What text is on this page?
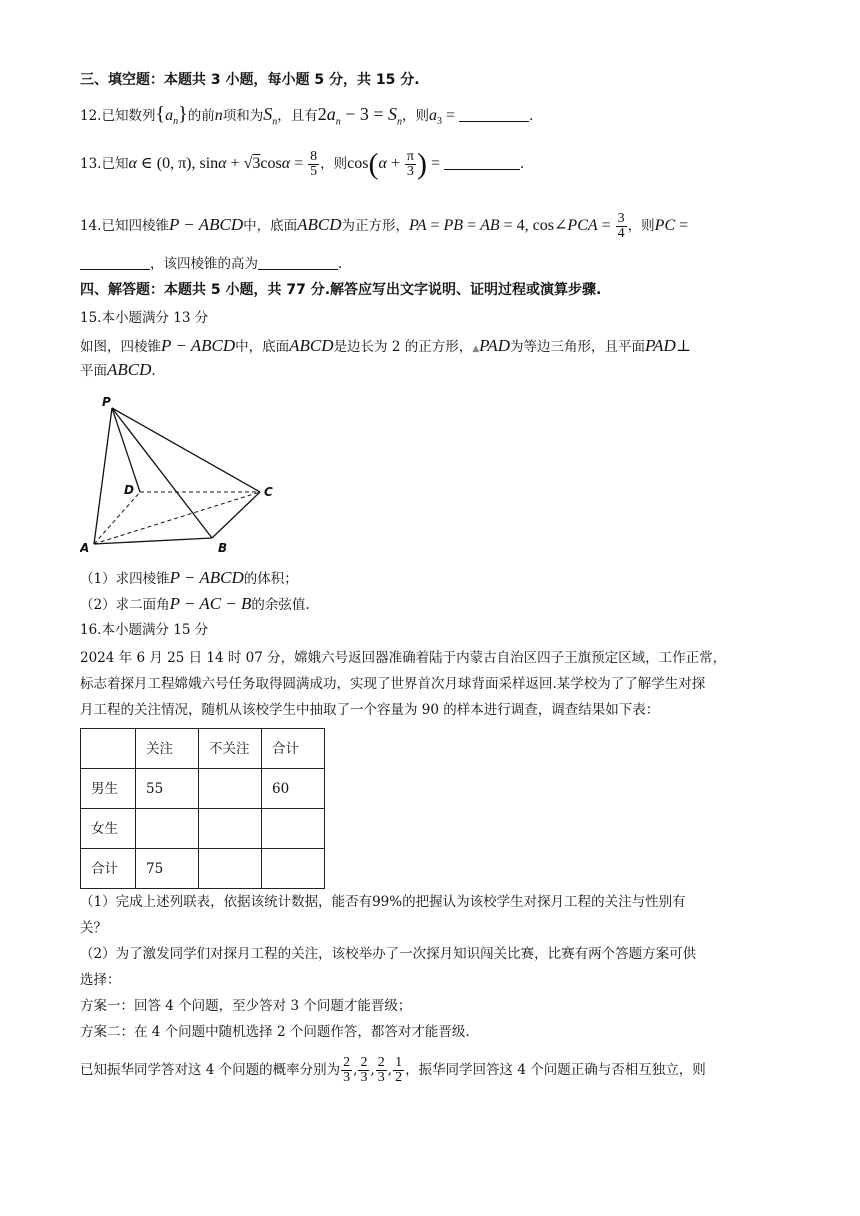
三、填空题：本题共 3 小题，每小题 5 分，共 15 分.
12.已知数列$\{a_n\}$的前n项和为$S_n$，且有$2a_n - 3 = S_n$，则$a_3$ =	.
13.已知α ∈ (0, π), $\sin\alpha + √3\cos\alpha = \frac{8}{5}$ ，则$\cos(\alpha + \frac{\pi}{3}$ ) =	.
14.已知四棱锥P − ABCD中，底面ABCD为正方形，PA = PB = AB = 4, cos∠PCA = $\frac{3}{4}$ ，则PC =
，该四棱锥的高为	.
四、解答题：本题共 5 小题，共 77 分.解答应写出文字说明、证明过程或演算步骤.
15.本小题满分 13 分
如图，四棱锥P − ABCD中，底面ABCD是边长为 2 的正方形，▲PAD为等边三角形，且平面PAD⊥
平面ABCD.
P
D	C
A	B
（1）求四棱锥P − ABCD的体积；
（2）求二面角P − AC − B的余弦值.
16.本小题满分 15 分
2024 年 6 月 25 日 14 时 07 分，嫦娥六号返回器准确着陆于内蒙古自治区四子王旗预定区域，工作正常，
标志着探月工程嫦娥六号任务取得圆满成功，实现了世界首次月球背面采样返回.某学校为了了解学生对探
月工程的关注情况，随机从该校学生中抽取了一个容量为 90 的样本进行调查，调查结果如下表：
	关注	不关注	合计
男生	55		60
女生			
合计	75		
（1）完成上述列联表，依据该统计数据，能否有99%的把握认为该校学生对探月工程的关注与性别有
关？
（2）为了激发同学们对探月工程的关注，该校举办了一次探月知识闯关比赛，比赛有两个答题方案可供
选择：
方案一：回答 4 个问题，至少答对 3 个问题才能晋级；
方案二：在 4 个问题中随机选择 2 个问题作答，都答对才能晋级.
已知振华同学答对这 4 个问题的概率分别为 $\frac{2}{3}$ , $\frac{2}{3}$ , $\frac{2}{3}$ , $\frac{1}{2}$ ，振华同学回答这 4 个问题正确与否相互独立，则
